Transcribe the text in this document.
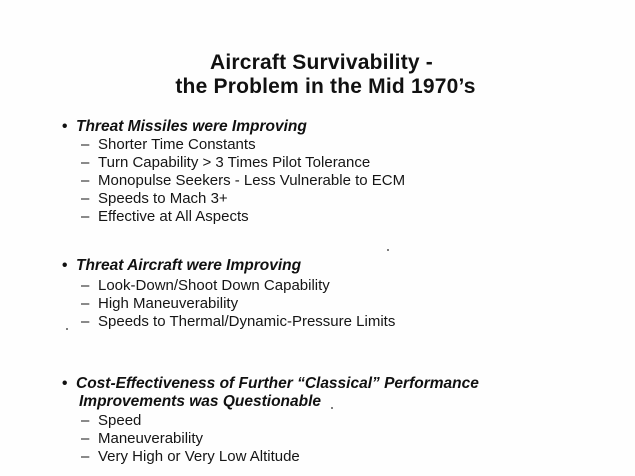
Aircraft Survivability -
the Problem in the Mid 1970’s
• Threat Missiles were Improving
– Shorter Time Constants
– Turn Capability > 3 Times Pilot Tolerance
– Monopulse Seekers - Less Vulnerable to ECM
– Speeds to Mach 3+
– Effective at All Aspects
• Threat Aircraft were Improving
– Look-Down/Shoot Down Capability
– High Maneuverability
– Speeds to Thermal/Dynamic-Pressure Limits
• Cost-Effectiveness of Further “Classical” Performance
Improvements was Questionable
– Speed
– Maneuverability
– Very High or Very Low Altitude
